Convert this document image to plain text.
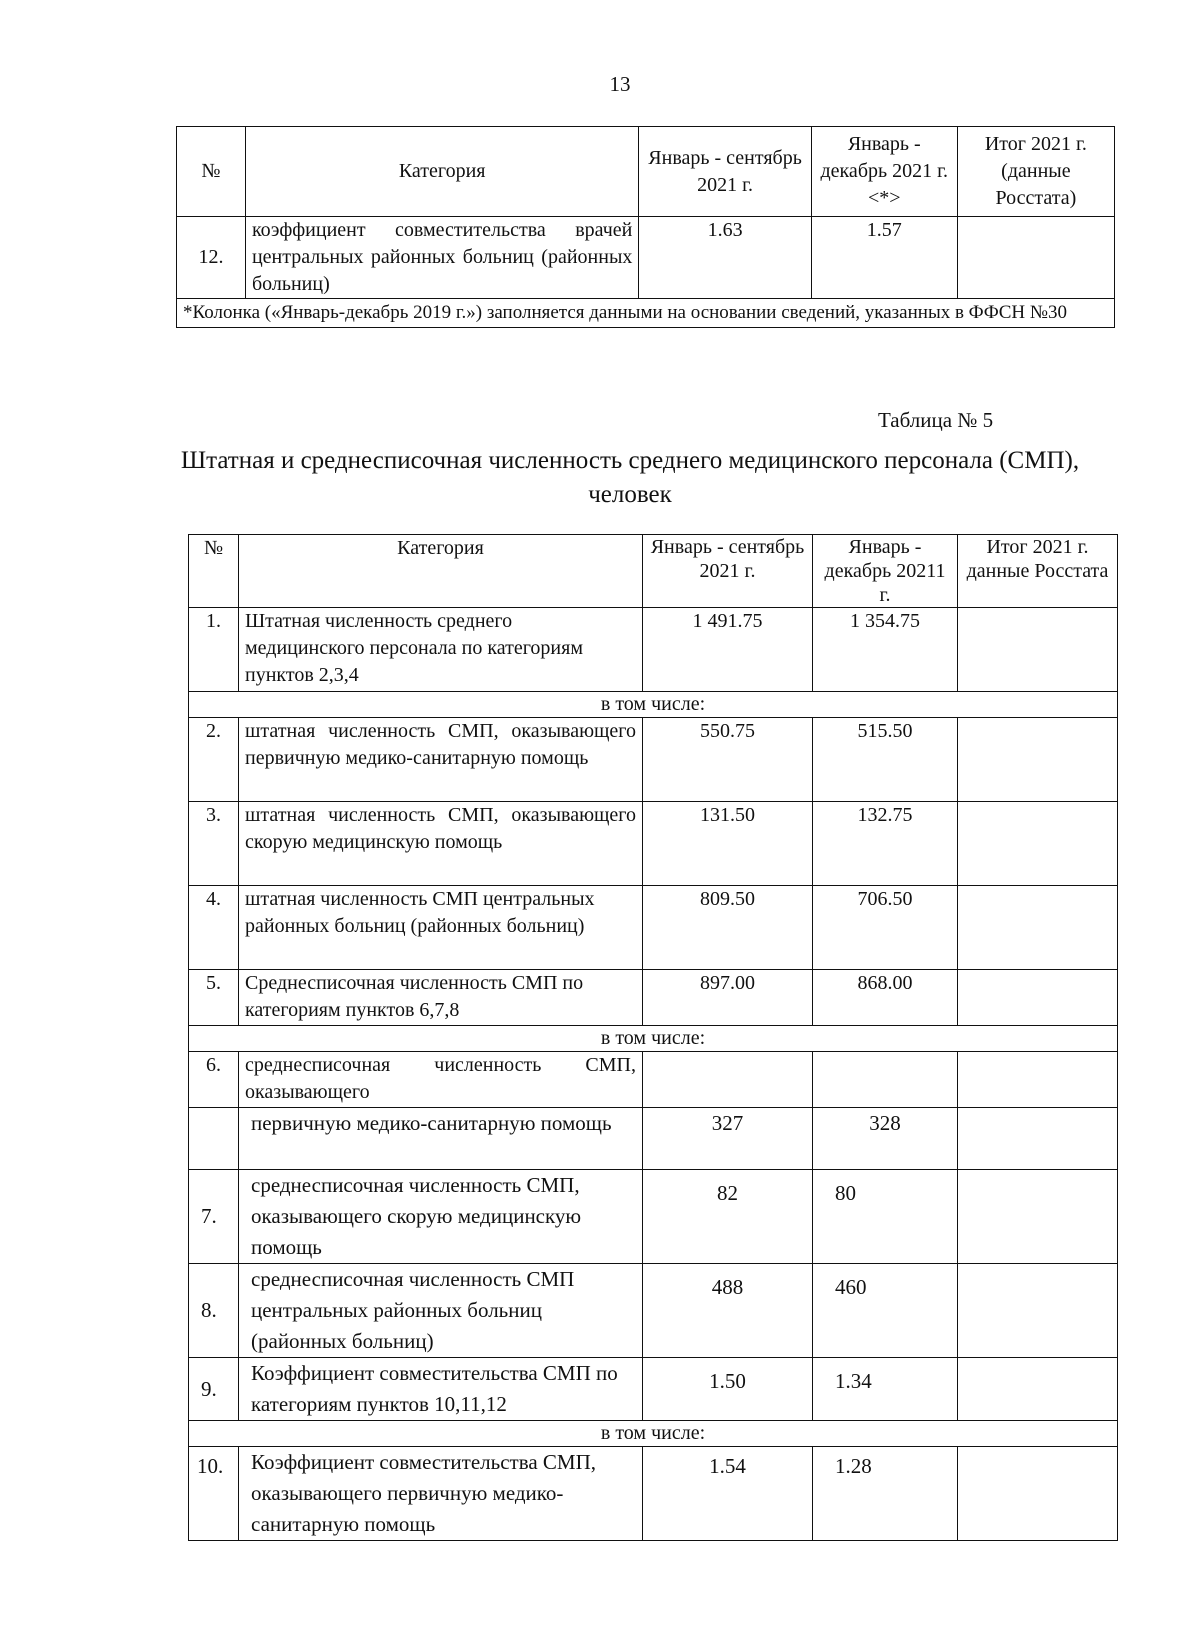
13
№	Категория	Январь - сентябрь 2021 г.	Январь - декабрь 2021 г. <*>	Итог 2021 г. (данные Росстата)
12.	коэффициент совместительства врачей центральных районных больниц (районных больниц)	1.63	1.57	
*Колонка («Январь-декабрь 2019 г.») заполняется данными на основании сведений, указанных в ФФСН №30				
Таблица № 5
Штатная и среднесписочная численность среднего медицинского персонала (СМП), человек
№	Категория	Январь - сентябрь 2021 г.	Январь - декабрь 20211 г.	Итог 2021 г. данные Росстата
1.	Штатная численность среднего медицинского персонала по категориям пунктов 2,3,4	1 491.75	1 354.75	
в том числе:				
2.	штатная численность СМП, оказывающего первичную медико-санитарную помощь	550.75	515.50	
3.	штатная численность СМП, оказывающего скорую медицинскую помощь	131.50	132.75	
4.	штатная численность СМП центральных районных больниц (районных больниц)	809.50	706.50	
5.	Среднесписочная численность СМП по категориям пунктов 6,7,8	897.00	868.00	
в том числе:				
6.	среднесписочная численность СМП, оказывающего			
	первичную медико-санитарную помощь	327	328	
7.	среднесписочная численность СМП, оказывающего скорую медицинскую помощь	82	80	
8.	среднесписочная численность СМП центральных районных больниц (районных больниц)	488	460	
9.	Коэффициент совместительства СМП по категориям пунктов 10,11,12	1.50	1.34	
в том числе:				
10.	Коэффициент совместительства СМП, оказывающего первичную медико-санитарную помощь	1.54	1.28	
